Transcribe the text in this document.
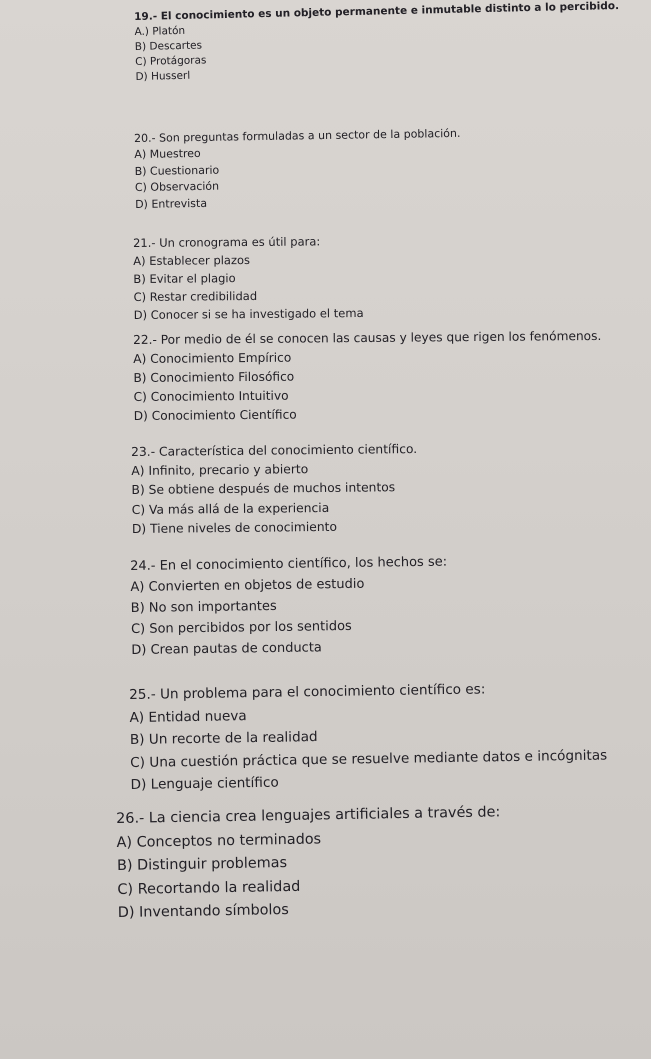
19.- El conocimiento es un objeto permanente e inmutable distinto a lo percibido.

A.) Platón

B) Descartes

C) Protágoras

D) Husserl

20.- Son preguntas formuladas a un sector de la población.

A) Muestreo

B) Cuestionario

C) Observación

D) Entrevista

21.- Un cronograma es útil para:

A) Establecer plazos

B) Evitar el plagio

C) Restar credibilidad

D) Conocer si se ha investigado el tema

22.- Por medio de él se conocen las causas y leyes que rigen los fenómenos.

A) Conocimiento Empírico

B) Conocimiento Filosófico

C) Conocimiento Intuitivo

D) Conocimiento Científico

23.- Característica del conocimiento científico.

A) Infinito, precario y abierto

B) Se obtiene después de muchos intentos

C) Va más allá de la experiencia

D) Tiene niveles de conocimiento

24.- En el conocimiento científico, los hechos se:

A) Convierten en objetos de estudio

B) No son importantes

C) Son percibidos por los sentidos

D) Crean pautas de conducta

25.- Un problema para el conocimiento científico es:

A) Entidad nueva

B) Un recorte de la realidad

C) Una cuestión práctica que se resuelve mediante datos e incógnitas

D) Lenguaje científico

26.- La ciencia crea lenguajes artificiales a través de:

A) Conceptos no terminados

B) Distinguir problemas

C) Recortando la realidad

D) Inventando símbolos
